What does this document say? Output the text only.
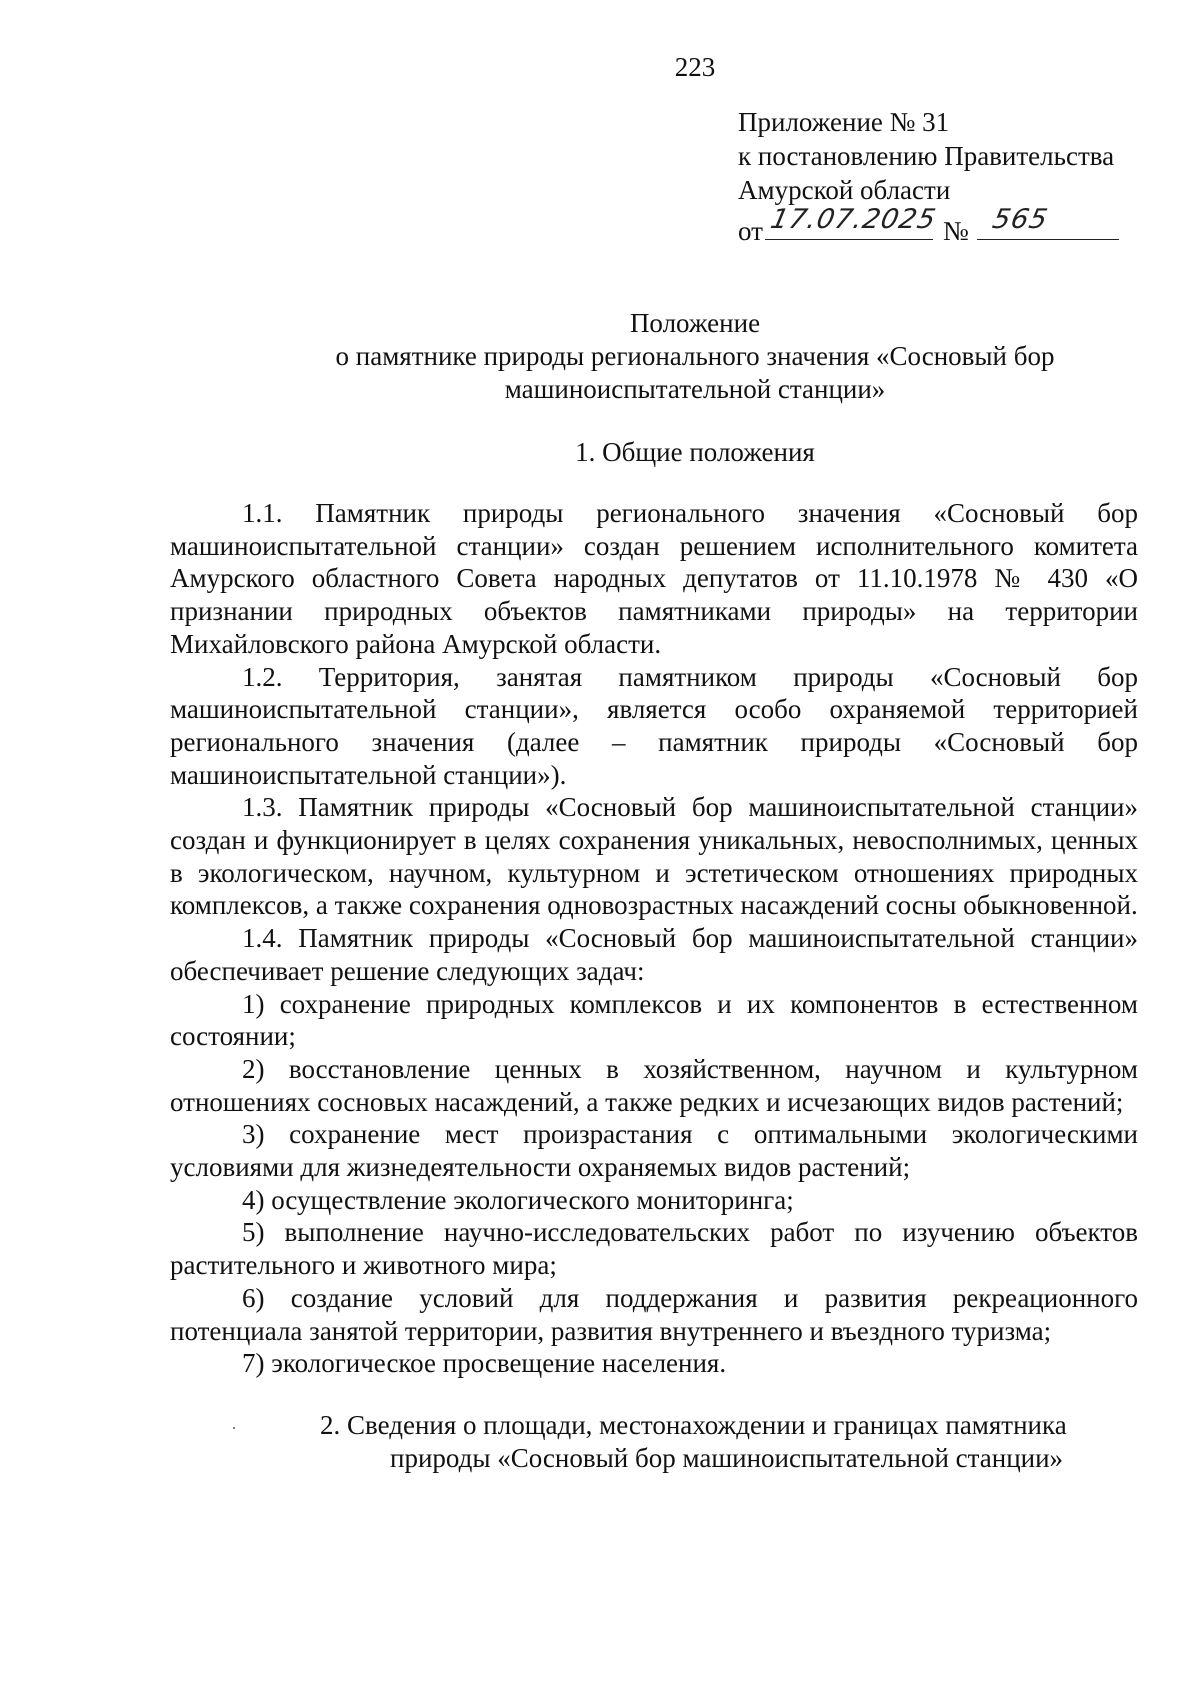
223
Приложение № 31
к постановлению Правительства
Амурской области
от 17.07.2025 № 565
Положение
о памятнике природы регионального значения «Сосновый бор
машиноиспытательной станции»
1. Общие положения

1.1. Памятник природы регионального значения «Сосновый бор машиноиспытательной станции» создан решением исполнительного комитета Амурского областного Совета народных депутатов от 11.10.1978 № 430 «О признании природных объектов памятниками природы» на территории Михайловского района Амурской области.

1.2. Территория, занятая памятником природы «Сосновый бор машиноиспытательной станции», является особо охраняемой территорией регионального значения (далее – памятник природы «Сосновый бор машиноиспытательной станции»).

1.3. Памятник природы «Сосновый бор машиноиспытательной станции» создан и функционирует в целях сохранения уникальных, невосполнимых, ценных в экологическом, научном, культурном и эстетическом отношениях природных комплексов, а также сохранения одновозрастных насаждений сосны обыкновенной.

1.4. Памятник природы «Сосновый бор машиноиспытательной станции» обеспечивает решение следующих задач:

1) сохранение природных комплексов и их компонентов в естественном состоянии;

2) восстановление ценных в хозяйственном, научном и культурном отношениях сосновых насаждений, а также редких и исчезающих видов растений;

3) сохранение мест произрастания с оптимальными экологическими условиями для жизнедеятельности охраняемых видов растений;

4) осуществление экологического мониторинга;

5) выполнение научно-исследовательских работ по изучению объектов растительного и животного мира;

6) создание условий для поддержания и развития рекреационного потенциала занятой территории, развития внутреннего и въездного туризма;

7) экологическое просвещение населения.

2. Сведения о площади, местонахождении и границах памятника
природы «Сосновый бор машиноиспытательной станции»
